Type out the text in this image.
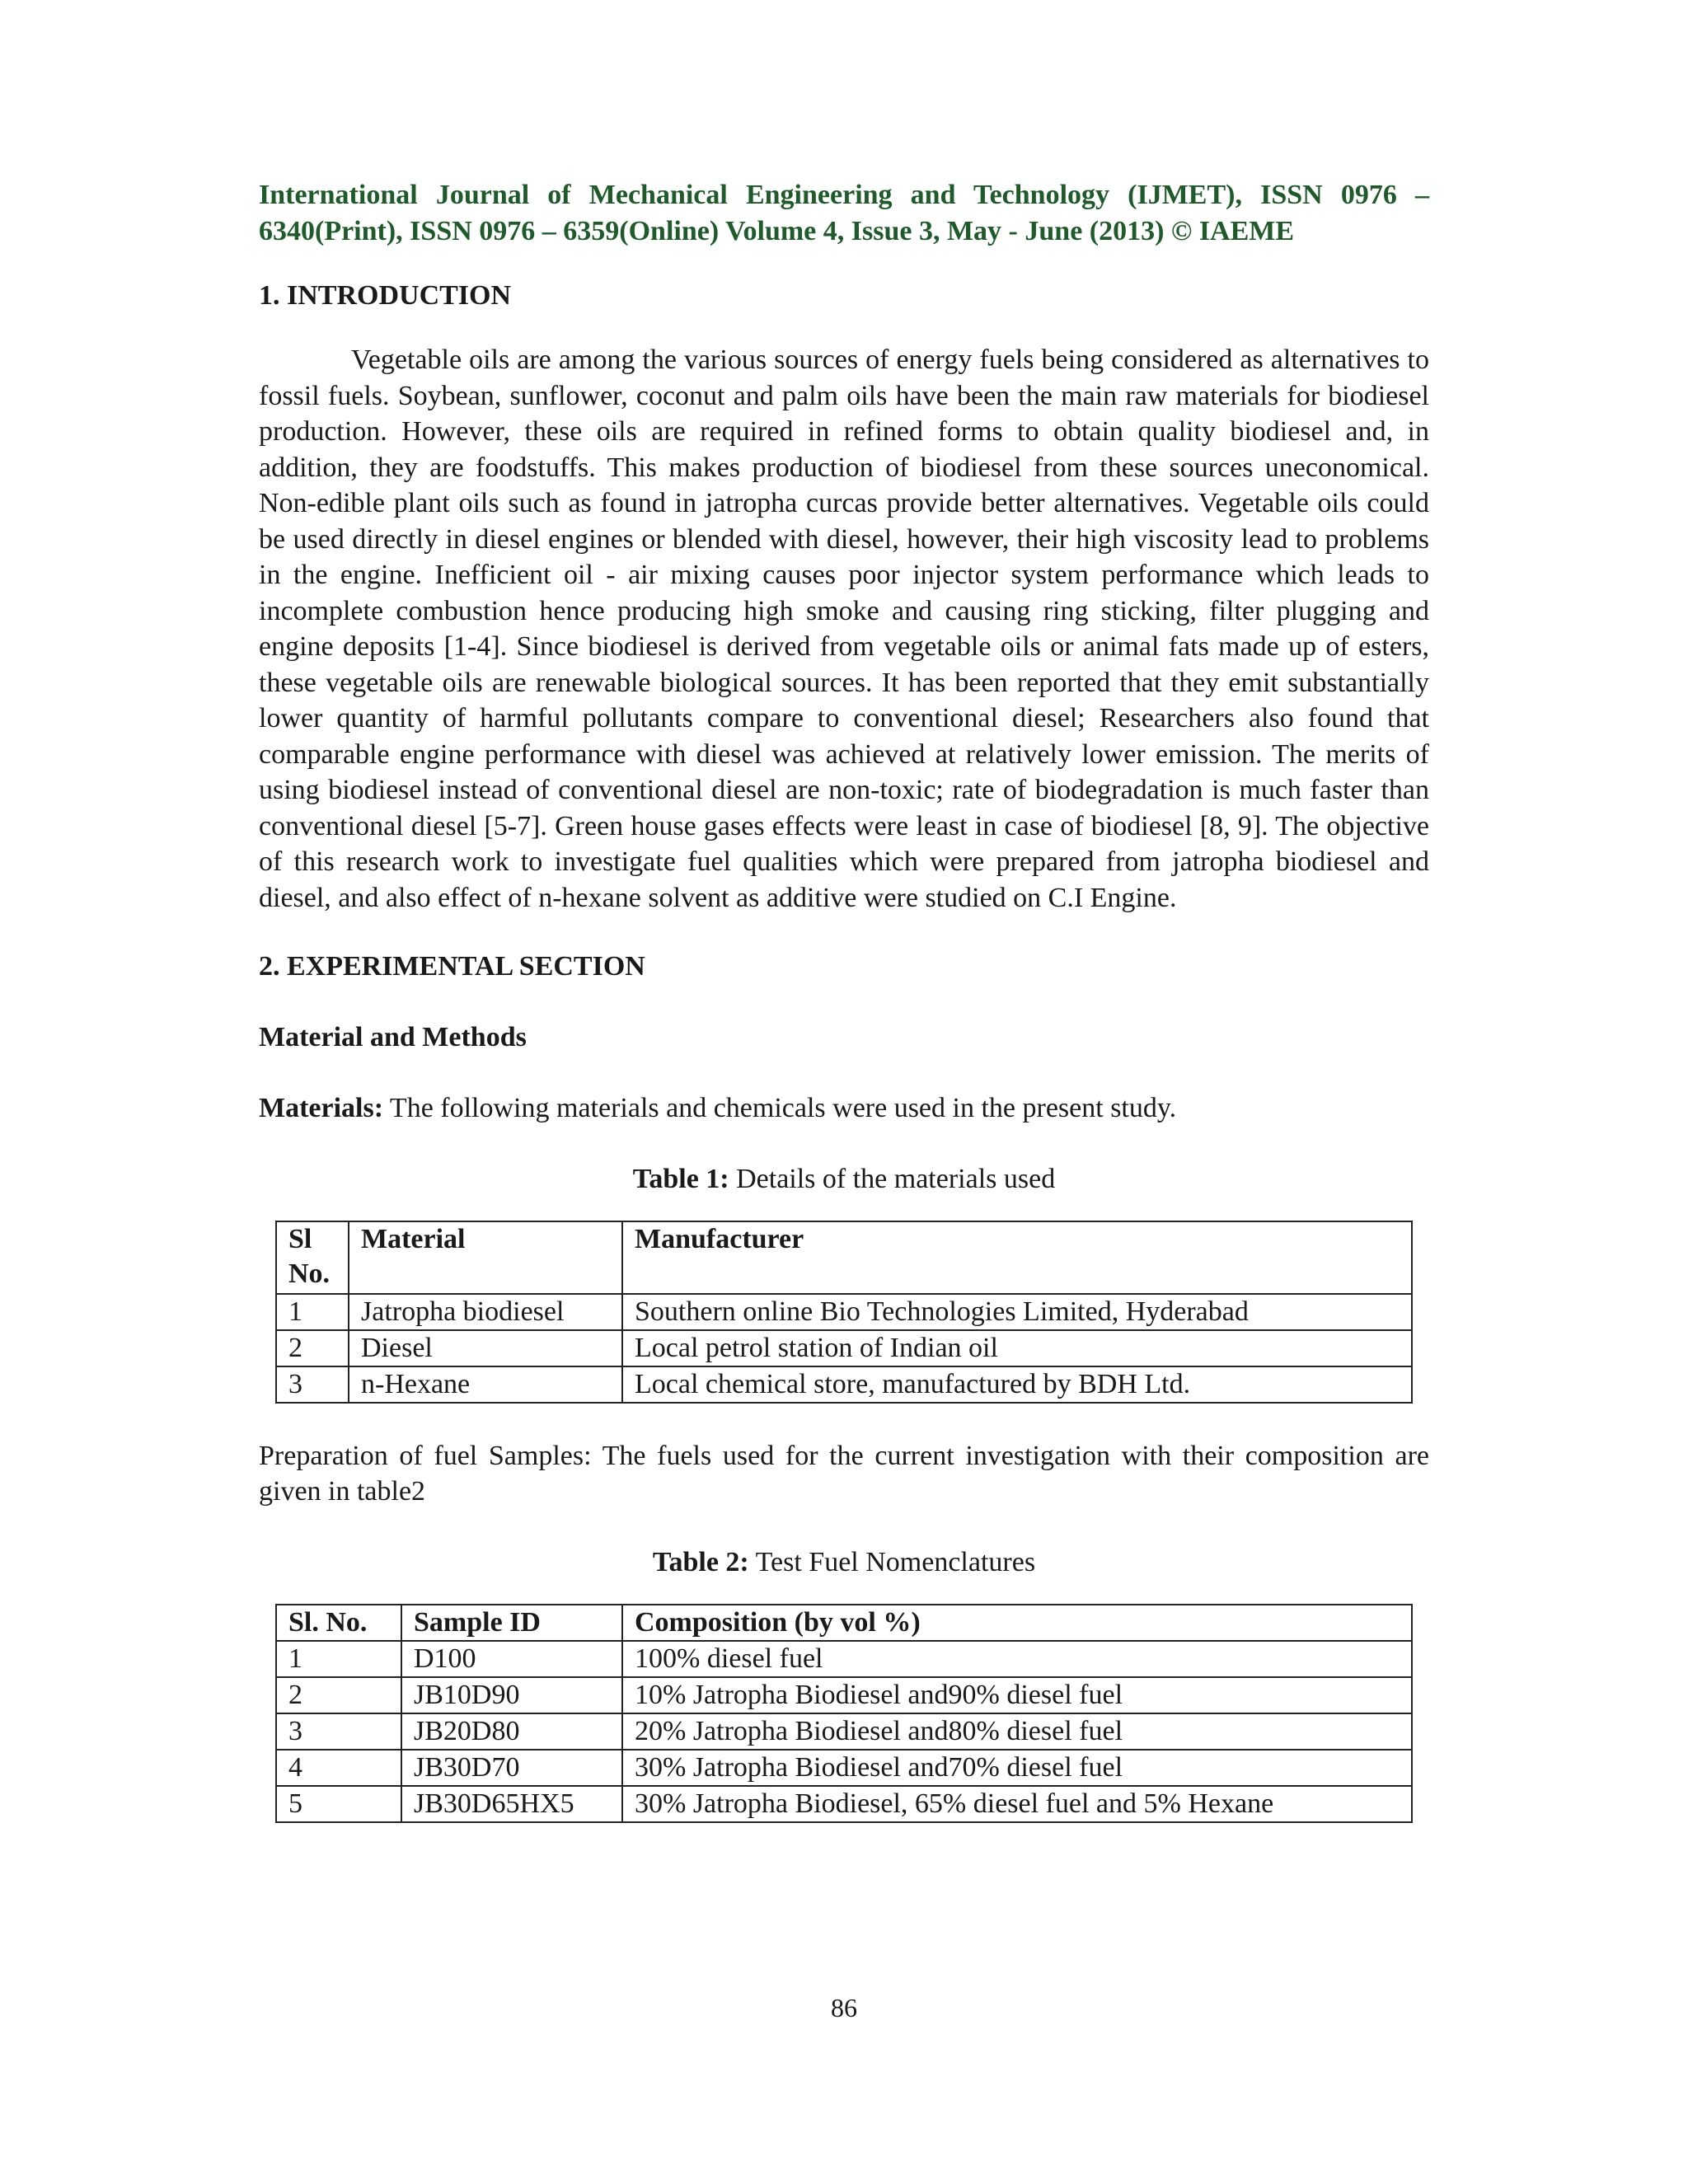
International Journal of Mechanical Engineering and Technology (IJMET), ISSN 0976 – 6340(Print), ISSN 0976 – 6359(Online) Volume 4, Issue 3, May - June (2013) © IAEME

1. INTRODUCTION

Vegetable oils are among the various sources of energy fuels being considered as alternatives to fossil fuels. Soybean, sunflower, coconut and palm oils have been the main raw materials for biodiesel production. However, these oils are required in refined forms to obtain quality biodiesel and, in addition, they are foodstuffs. This makes production of biodiesel from these sources uneconomical. Non-edible plant oils such as found in jatropha curcas provide better alternatives. Vegetable oils could be used directly in diesel engines or blended with diesel, however, their high viscosity lead to problems in the engine. Inefficient oil - air mixing causes poor injector system performance which leads to incomplete combustion hence producing high smoke and causing ring sticking, filter plugging and engine deposits [1-4]. Since biodiesel is derived from vegetable oils or animal fats made up of esters, these vegetable oils are renewable biological sources. It has been reported that they emit substantially lower quantity of harmful pollutants compare to conventional diesel; Researchers also found that comparable engine performance with diesel was achieved at relatively lower emission. The merits of using biodiesel instead of conventional diesel are non-toxic; rate of biodegradation is much faster than conventional diesel [5-7]. Green house gases effects were least in case of biodiesel [8, 9]. The objective of this research work to investigate fuel qualities which were prepared from jatropha biodiesel and diesel, and also effect of n-hexane solvent as additive were studied on C.I Engine.

2. EXPERIMENTAL SECTION

Material and Methods

Materials: The following materials and chemicals were used in the present study.

Table 1: Details of the materials used

Sl No.	Material	Manufacturer
1	Jatropha biodiesel	Southern online Bio Technologies Limited, Hyderabad
2	Diesel	Local petrol station of Indian oil
3	n-Hexane	Local chemical store, manufactured by BDH Ltd.

Preparation of fuel Samples: The fuels used for the current investigation with their composition are given in table2

Table 2: Test Fuel Nomenclatures

Sl. No.	Sample ID	Composition (by vol %)
1	D100	100% diesel fuel
2	JB10D90	10% Jatropha Biodiesel and90% diesel fuel
3	JB20D80	20% Jatropha Biodiesel and80% diesel fuel
4	JB30D70	30% Jatropha Biodiesel and70% diesel fuel
5	JB30D65HX5	30% Jatropha Biodiesel, 65% diesel fuel and 5% Hexane
86
